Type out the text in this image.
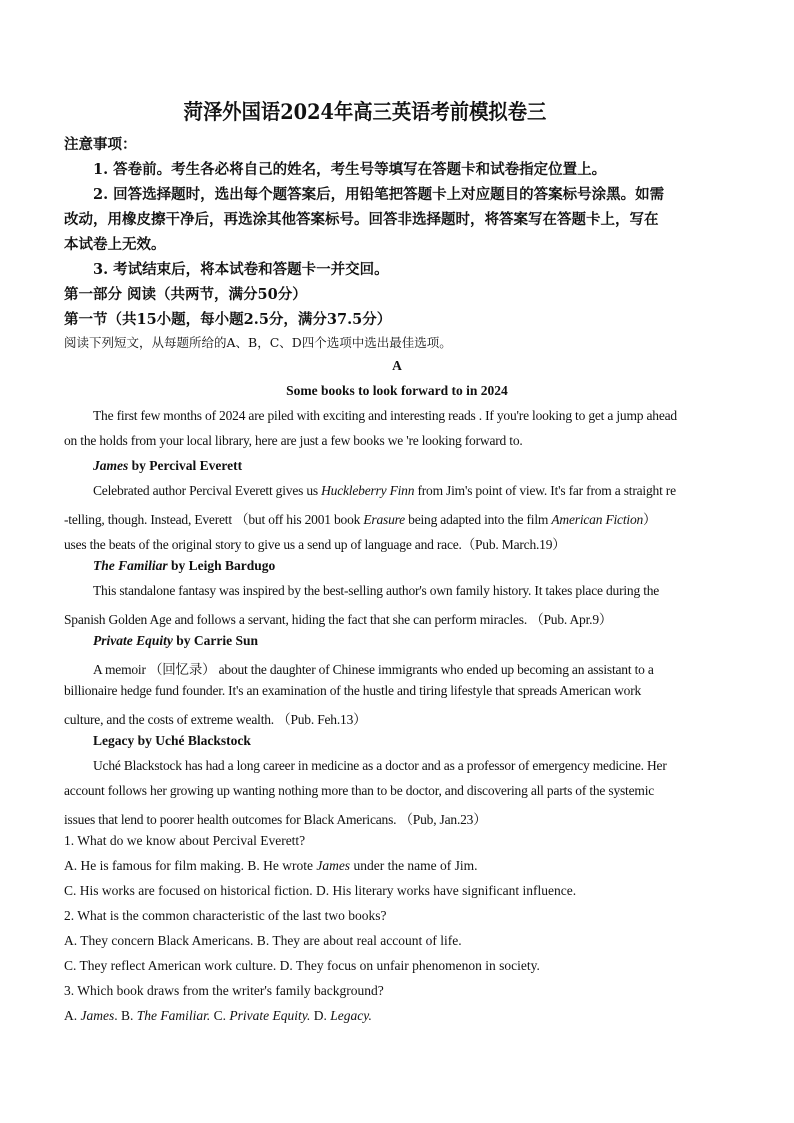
菏泽外国语2024年高三英语考前模拟卷三
注意事项：
1. 答卷前。考生各必将自己的姓名，考生号等填写在答题卡和试卷指定位置上。
2. 回答选择题时，选出每个题答案后，用铅笔把答题卡上对应题目的答案标号涂黑。如需
改动，用橡皮擦干净后，再选涂其他答案标号。回答非选择题时，将答案写在答题卡上，写在
本试卷上无效。
3. 考试结束后，将本试卷和答题卡一并交回。
第一部分 阅读（共两节，满分50分）
第一节（共15小题，每小题2.5分，满分37.5分）
阅读下列短文，从每题所给的A、B，C、D四个选项中选出最佳选项。
A
Some books to look forward to in 2024
The first few months of 2024 are piled with exciting and interesting reads . If you're looking to get a jump ahead
on the holds from your local library, here are just a few books we 're looking forward to.
James by Percival Everett
Celebrated author Percival Everett gives us Huckleberry Finn from Jim's point of view. It's far from a straight re
-telling, though. Instead, Everett （but off his 2001 book Erasure being adapted into the film American Fiction）
uses the beats of the original story to give us a send up of language and race.（Pub. March.19）
The Familiar by Leigh Bardugo
This standalone fantasy was inspired by the best-selling author's own family history. It takes place during the
Spanish Golden Age and follows a servant, hiding the fact that she can perform miracles. （Pub. Apr.9）
Private Equity by Carrie Sun
A memoir （回忆录） about the daughter of Chinese immigrants who ended up becoming an assistant to a
billionaire hedge fund founder. It's an examination of the hustle and tiring lifestyle that spreads American work
culture, and the costs of extreme wealth. （Pub. Feh.13）
Legacy by Uché Blackstock
Uché Blackstock has had a long career in medicine as a doctor and as a professor of emergency medicine. Her
account follows her growing up wanting nothing more than to be doctor, and discovering all parts of the systemic
issues that lend to poorer health outcomes for Black Americans. （Pub, Jan.23）
1. What do we know about Percival Everett?
A. He is famous for film making. B. He wrote James under the name of Jim.
C. His works are focused on historical fiction. D. His literary works have significant influence.
2. What is the common characteristic of the last two books?
A. They concern Black Americans. B. They are about real account of life.
C. They reflect American work culture. D. They focus on unfair phenomenon in society.
3. Which book draws from the writer's family background?
A. James. B. The Familiar. C. Private Equity. D. Legacy.
